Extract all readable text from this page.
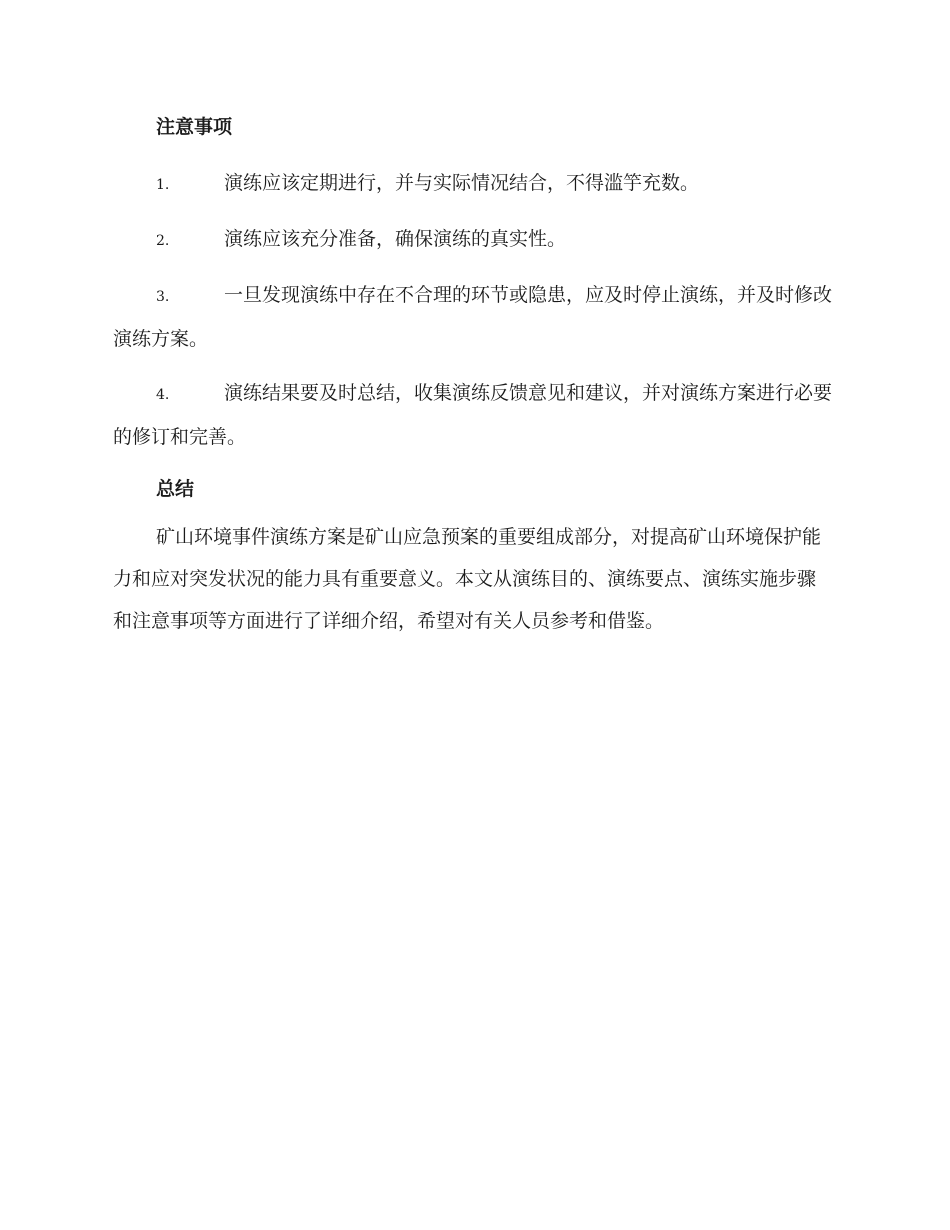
注意事项
1.	演练应该定期进行，并与实际情况结合，不得滥竽充数。
2.	演练应该充分准备，确保演练的真实性。
3.	一旦发现演练中存在不合理的环节或隐患，应及时停止演练，并及时修改演练方案。
4.	演练结果要及时总结，收集演练反馈意见和建议，并对演练方案进行必要的修订和完善。
总结

矿山环境事件演练方案是矿山应急预案的重要组成部分，对提高矿山环境保护能力和应对突发状况的能力具有重要意义。本文从演练目的、演练要点、演练实施步骤和注意事项等方面进行了详细介绍，希望对有关人员参考和借鉴。
